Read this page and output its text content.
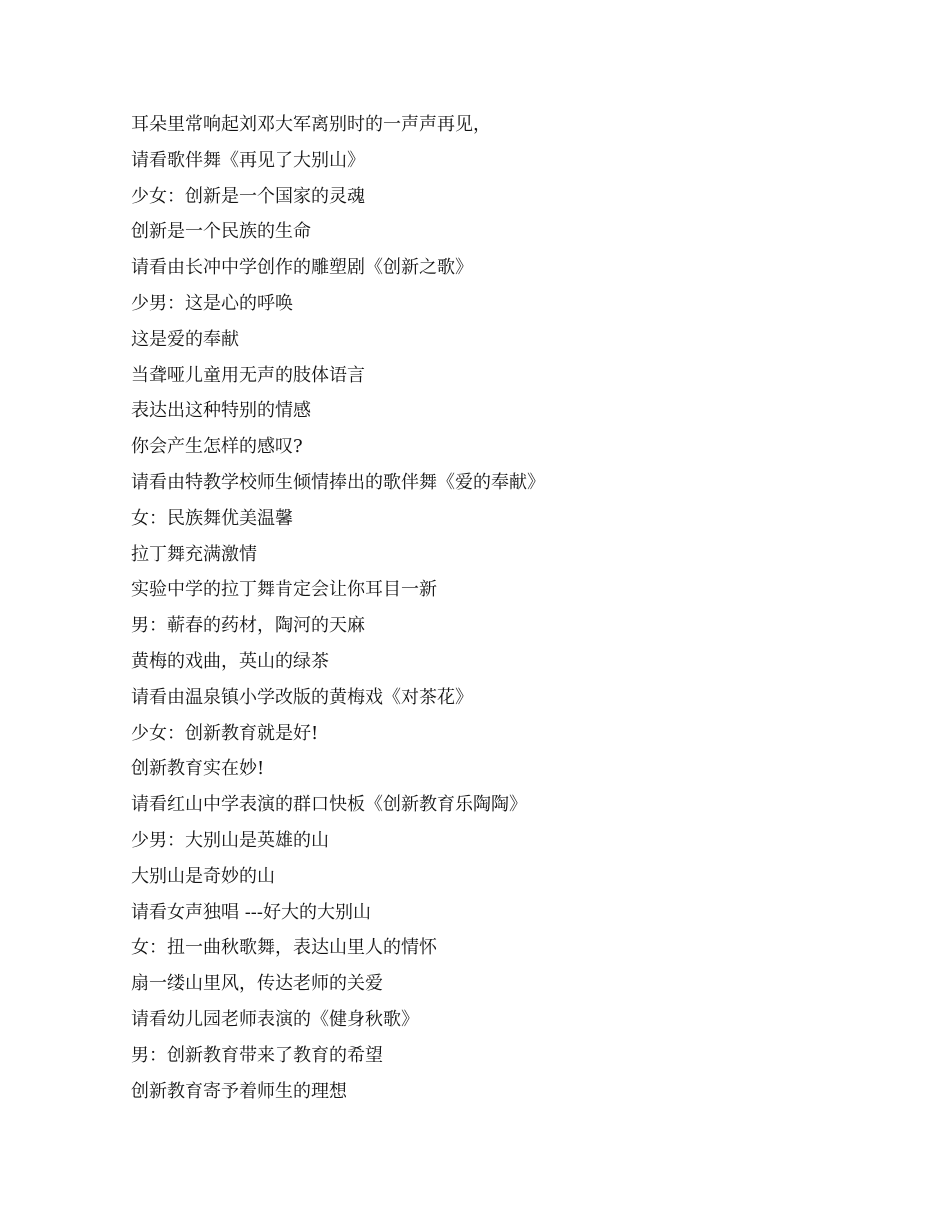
耳朵里常响起刘邓大军离别时的一声声再见，
请看歌伴舞《再见了大别山》
少女：创新是一个国家的灵魂
创新是一个民族的生命
请看由长冲中学创作的雕塑剧《创新之歌》
少男：这是心的呼唤
这是爱的奉献
当聋哑儿童用无声的肢体语言
表达出这种特别的情感
你会产生怎样的感叹?
请看由特教学校师生倾情捧出的歌伴舞《爱的奉献》
女：民族舞优美温馨
拉丁舞充满激情
实验中学的拉丁舞肯定会让你耳目一新
男：蕲春的药材，陶河的天麻
黄梅的戏曲，英山的绿茶
请看由温泉镇小学改版的黄梅戏《对茶花》
少女：创新教育就是好!
创新教育实在妙!
请看红山中学表演的群口快板《创新教育乐陶陶》
少男：大别山是英雄的山
大别山是奇妙的山
请看女声独唱 ---好大的大别山
女：扭一曲秋歌舞，表达山里人的情怀
扇一缕山里风，传达老师的关爱
请看幼儿园老师表演的《健身秋歌》
男：创新教育带来了教育的希望
创新教育寄予着师生的理想
